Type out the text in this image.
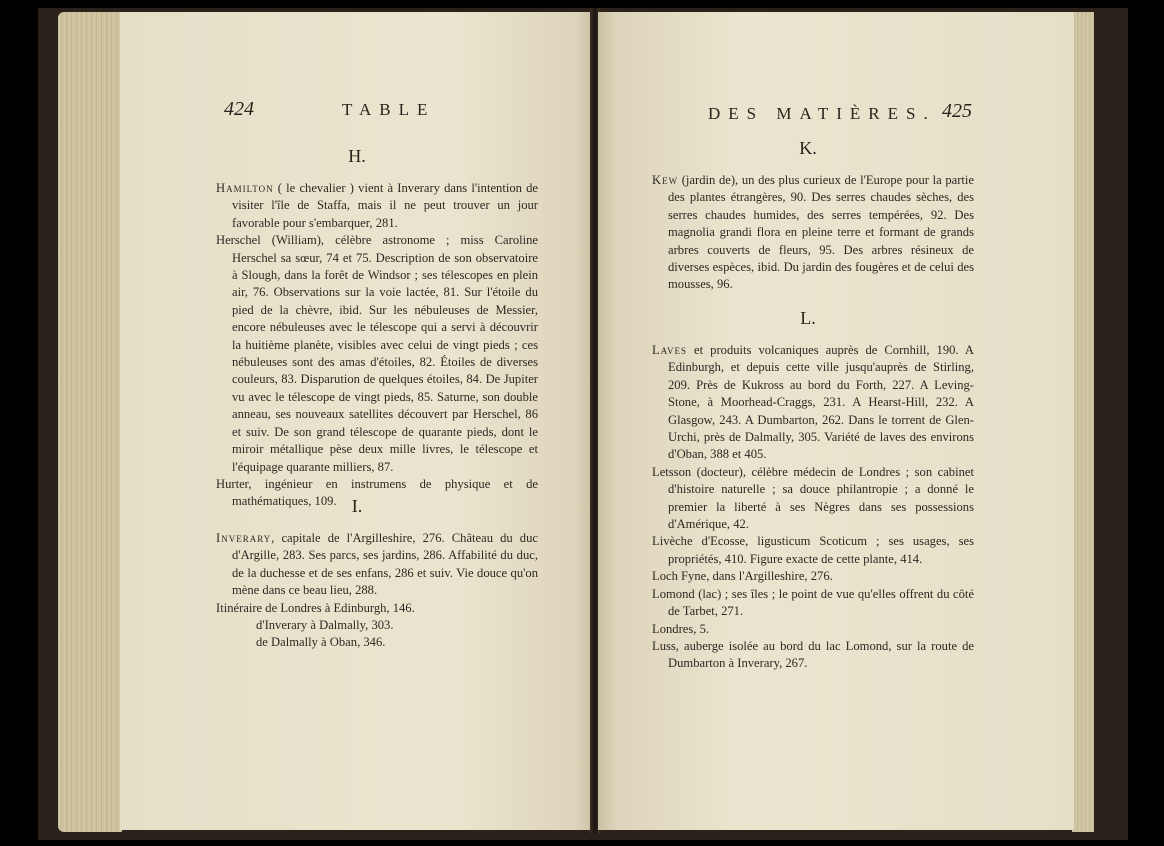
424	TABLE
H.

Hamilton ( le chevalier ) vient à Inverary dans l'intention de visiter l'île de Staffa, mais il ne peut trouver un jour favorable pour s'embarquer, 281.

Herschel (William), célèbre astronome ; miss Caroline Herschel sa sœur, 74 et 75. Description de son observatoire à Slough, dans la forêt de Windsor ; ses télescopes en plein air, 76. Observations sur la voie lactée, 81. Sur l'étoile du pied de la chèvre, ibid. Sur les nébuleuses de Messier, encore nébuleuses avec le télescope qui a servi à découvrir la huitième planète, visibles avec celui de vingt pieds ; ces nébuleuses sont des amas d'étoiles, 82. Étoiles de diverses couleurs, 83. Disparution de quelques étoiles, 84. De Jupiter vu avec le télescope de vingt pieds, 85. Saturne, son double anneau, ses nouveaux satellites découvert par Herschel, 86 et suiv. De son grand télescope de quarante pieds, dont le miroir métallique pèse deux mille livres, le télescope et l'équipage quarante milliers, 87.

Hurter, ingénieur en instrumens de physique et de mathématiques, 109. I.

Inverary, capitale de l'Argilleshire, 276. Château du duc d'Argille, 283. Ses parcs, ses jardins, 286. Affabilité du duc, de la duchesse et de ses enfans, 286 et suiv. Vie douce qu'on mène dans ce beau lieu, 288.

Itinéraire de Londres à Edinburgh, 146.

d'Inverary à Dalmally, 303.

de Dalmally à Oban, 346.

DES MATIÈRES. 425
K.

Kew (jardin de), un des plus curieux de l'Europe pour la partie des plantes étrangères, 90. Des serres chaudes sèches, des serres chaudes humides, des serres tempérées, 92. Des magnolia grandi flora en pleine terre et formant de grands arbres couverts de fleurs, 95. Des arbres résineux de diverses espèces, ibid. Du jardin des fougères et de celui des mousses, 96.

L.

Laves et produits volcaniques auprès de Cornhill, 190. A Edinburgh, et depuis cette ville jusqu'auprès de Stirling, 209. Près de Kukross au bord du Forth, 227. A Leving-Stone, à Moorhead-Craggs, 231. A Hearst-Hill, 232. A Glasgow, 243. A Dumbarton, 262. Dans le torrent de Glen-Urchi, près de Dalmally, 305. Variété de laves des environs d'Oban, 388 et 405.

Letsson (docteur), célèbre médecin de Londres ; son cabinet d'histoire naturelle ; sa douce philantropie ; a donné le premier la liberté à ses Nègres dans ses possessions d'Amérique, 42.

Livèche d'Ecosse, ligusticum Scoticum ; ses usages, ses propriétés, 410. Figure exacte de cette plante, 414.

Loch Fyne, dans l'Argilleshire, 276.

Lomond (lac) ; ses îles ; le point de vue qu'elles offrent du côté de Tarbet, 271.

Londres, 5.

Luss, auberge isolée au bord du lac Lomond, sur la route de Dumbarton à Inverary, 267.
